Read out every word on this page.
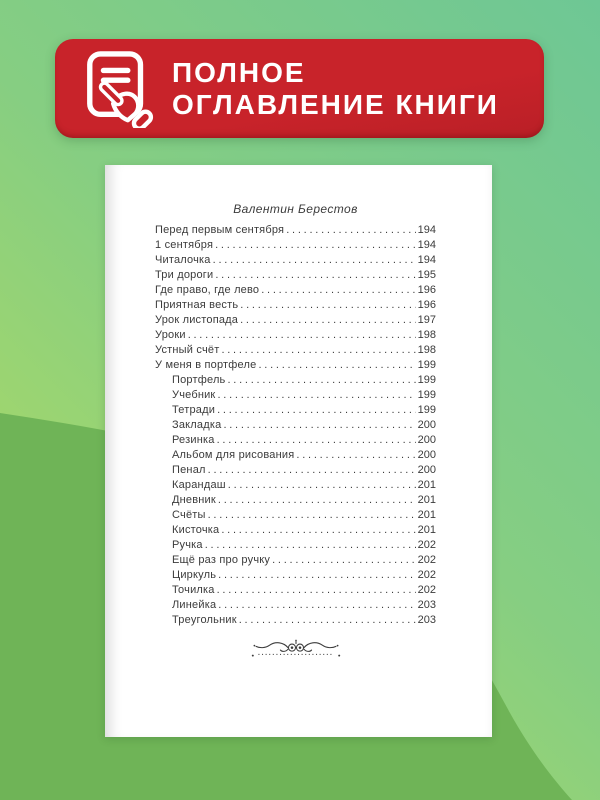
ПОЛНОЕ
ОГЛАВЛЕНИЕ КНИГИ
Валентин Берестов
Перед первым сентября . . .	194
1 сентября . . .	194
Читалочка . . .	194
Три дороги . . .	195
Где право, где лево . . .	196
Приятная весть . . .	196
Урок листопада . . .	197
Уроки . . .	198
Устный счёт . . .	198
У меня в портфеле . . .	199
Портфель . . .	199
Учебник . . .	199
Тетради . . .	199
Закладка . . .	200
Резинка . . .	200
Альбом для рисования . . .	200
Пенал . . .	200
Карандаш . . .	201
Дневник . . .	201
Счёты . . .	201
Кисточка . . .	201
Ручка . . .	202
Ещё раз про ручку . . .	202
Циркуль . . .	202
Точилка . . .	202
Линейка . . .	203
Треугольник . . .	203
